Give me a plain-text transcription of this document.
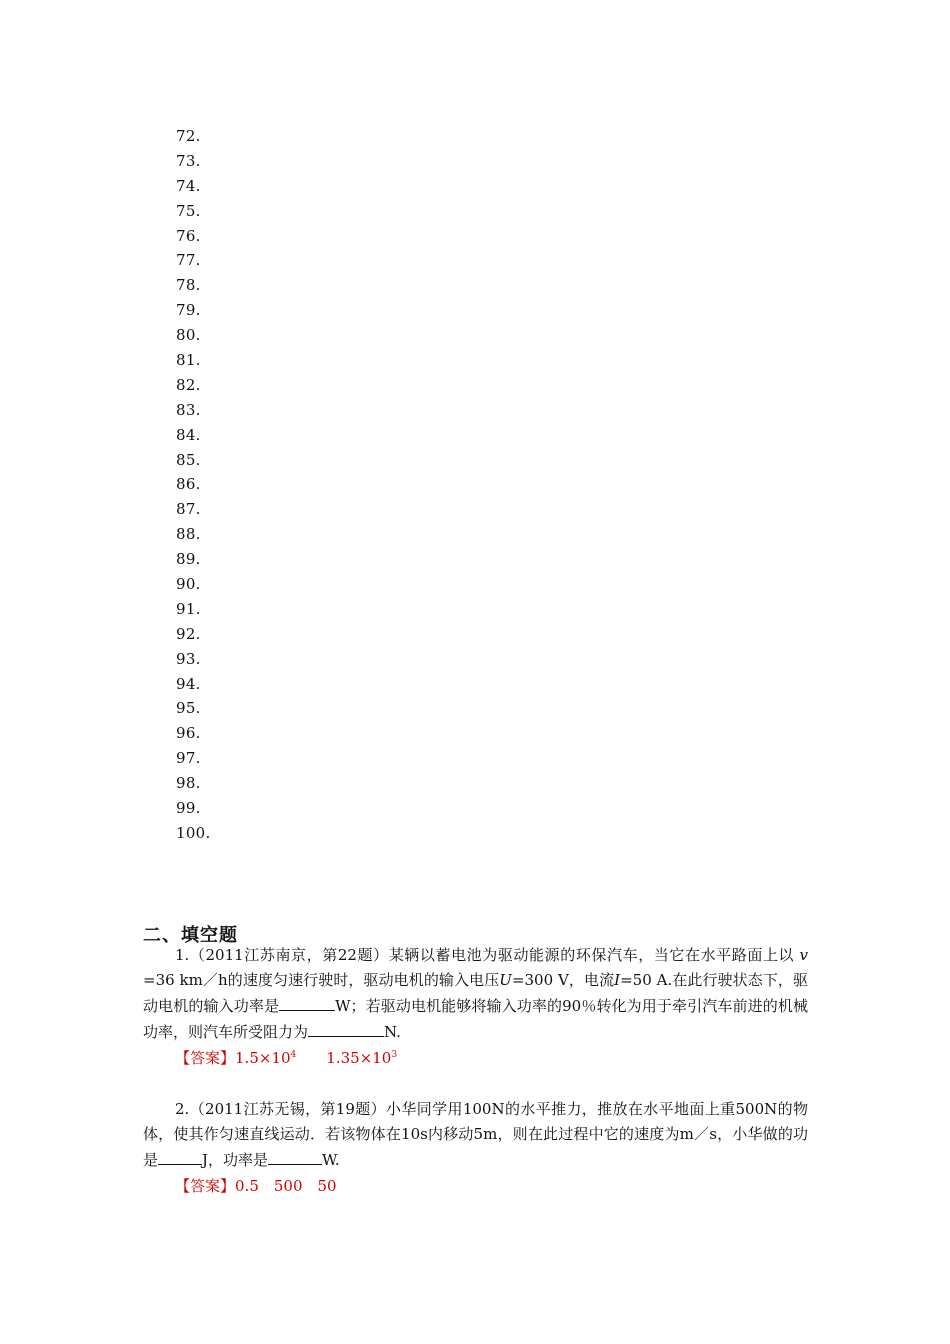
72.
73.
74.
75.
76.
77.
78.
79.
80.
81.
82.
83.
84.
85.
86.
87.
88.
89.
90.
91.
92.
93.
94.
95.
96.
97.
98.
99.
100.
二、填空题

1.（2011江苏南京，第22题）某辆以蓄电池为驱动能源的环保汽车，当它在水平路面上以 v =36 km／h的速度匀速行驶时，驱动电机的输入电压U=300 V，电流I=50 A.在此行驶状态下，驱动电机的输入功率是	W；若驱动电机能够将输入功率的90％转化为用于牵引汽车前进的机械功率，则汽车所受阻力为	N.

【答案】$1.5\times 10^4$ $1.35\times 10^3$

2.（2011江苏无锡，第19题）小华同学用100N的水平推力，推放在水平地面上重500N的物体，使其作匀速直线运动．若该物体在10s内移动5m，则在此过程中它的速度为m／s，小华做的功是	J，功率是	W.

【答案】0.5　500　50
